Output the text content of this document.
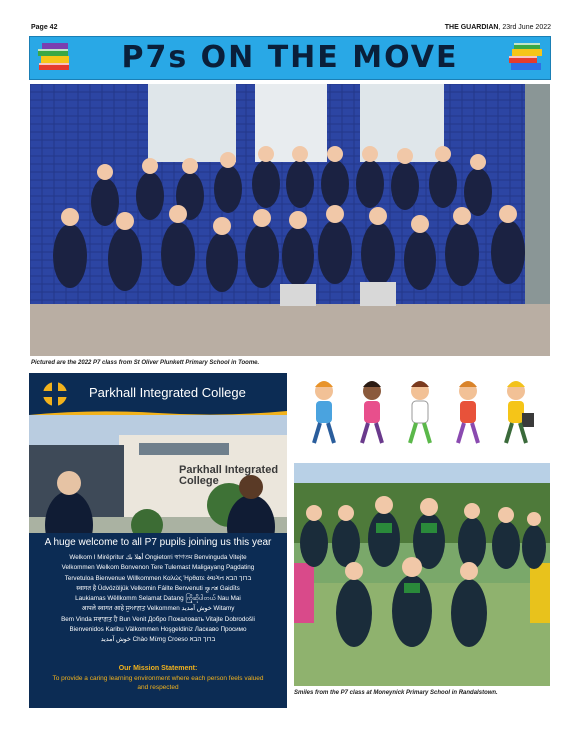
Page 42	THE GUARDIAN, 23rd June 2022
P7s ON THE MOVE
Pictured are the 2022 P7 class from St Oliver Plunkett Primary School in Toome.
Parkhall Integrated College
Parkhall Integrated College
A huge welcome to all P7 pupils joining us this year
Welkom I Mirëpritur أهلا بك Ongietorri স্বাগতম Benvinguda Vitejte
Velkommen Welkom Bonvenon Tere Tulemast Maligayang Pagdating
Tervetuloa Bienvenue Willkommen Καλώς Ήρθατε સ્વાગત ברוך הבא
स्वागत है Üdvözöljük Velkomin Fáilte Benvenuti ಸ್ವಾಗತ Gaidīts
Laukiamas Wëllkomm Selamat Datang ကြိုဆိုပါတယ် Nau Mai
आपले स्वागत आहे ਸੁਆਗਤ Velkommen خوش آمدید Witamy
Bem Vinda ਸਵਾਗਤ ਹੈ Bun Venit Добро Пожаловать Vitajte Dobrodošli
Bienvenidos Karibu Välkommen Hoşgeldiniz Ласкаво Просимо
خوش آمدید Chào Mừng Croeso ברוך הבא
Our Mission Statement:
To provide a caring learning environment where each person feels valued and respected
Smiles from the P7 class at Moneynick Primary School in Randalstown.
